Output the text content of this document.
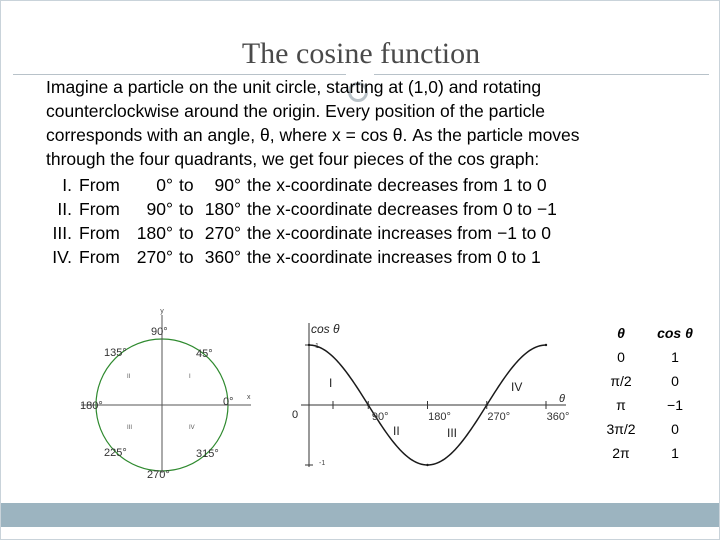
The cosine function

Imagine a particle on the unit circle, starting at (1,0) and rotating

counterclockwise around the origin. Every position of the particle

corresponds with an angle, θ, where x = cos θ. As the particle moves

through the four quadrants, we get four pieces of the cos graph:

I. From	0° to	90° the x-coordinate decreases from 1 to 0
II. From	90° to 180° the x-coordinate decreases from 0 to −1
III. From 180° to 270° the x-coordinate increases from −1 to 0
IV. From 270° to 360° the x-coordinate increases from 0 to 1
y
x
90°
135°	45°
180°	0°
225°	315°
270°
II	I
III	IV
cos θ
1
-1
0
θ
I
II	III
IV
90°	180°	270°	360°
θ	cos θ
0	1
π/2	0
π	−1
3π/2	0
2π	1
